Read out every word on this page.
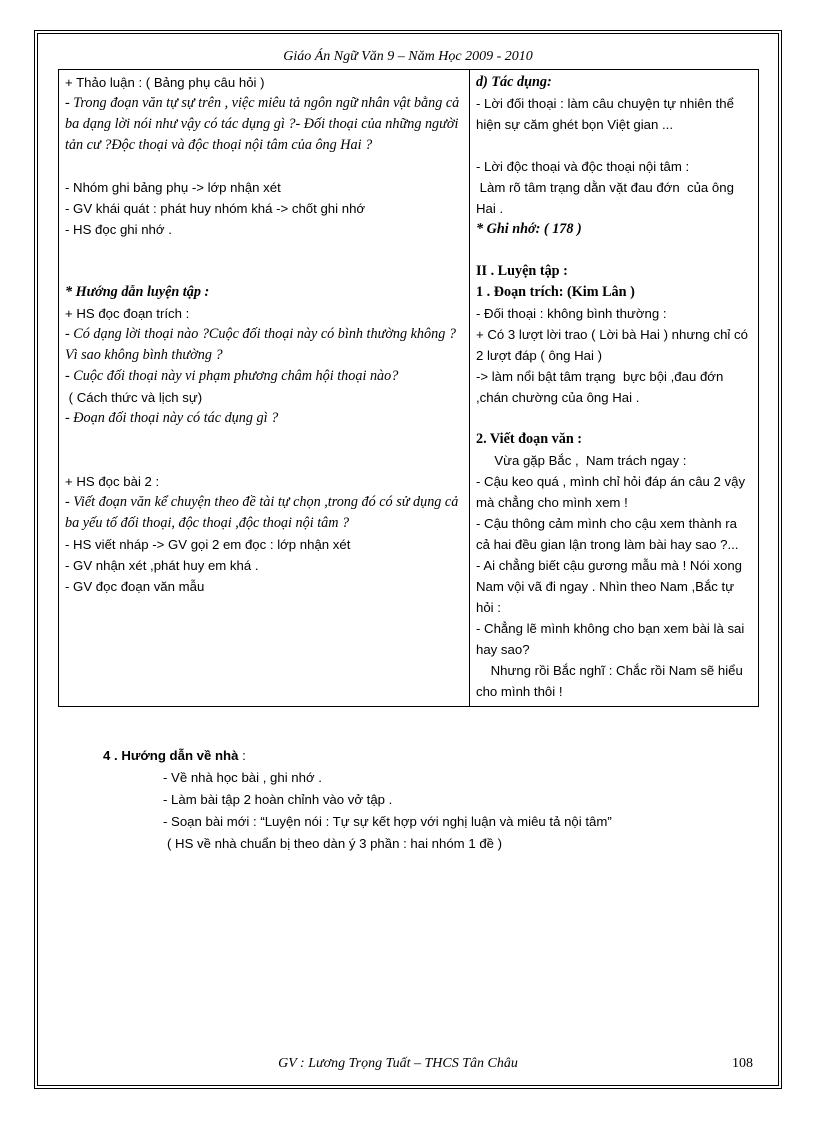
Giáo Án Ngữ Văn 9 – Năm Học 2009 - 2010
+ Thảo luận : ( Bảng phụ câu hỏi )
- Trong đoạn văn tự sự trên , việc miêu tả ngôn ngữ nhân vật bằng cả ba dạng lời nói như vậy có tác dụng gì ?- Đối thoại của những người tản cư ?Độc thoại và độc thoại nội tâm của ông Hai ?
- Nhóm ghi bảng phụ -> lớp nhận xét
- GV khái quát : phát huy nhóm khá -> chốt ghi nhớ
- HS đọc ghi nhớ .
* Hướng dẫn luyện tập :
+ HS đọc đoạn trích :
- Có dạng lời thoại nào ?Cuộc đối thoại này có bình thường không ? Vì sao không bình thường ?
- Cuộc đối thoại này vi phạm phương châm hội thoại nào?
( Cách thức và lịch sự)
- Đoạn đối thoại này có tác dụng gì ?
+ HS đọc bài 2 :
- Viết đoạn văn kể chuyện theo đề tài tự chọn ,trong đó có sử dụng cả ba yếu tố đối thoại, độc thoại ,độc thoại nội tâm ?
- HS viết nháp -> GV gọi 2 em đọc : lớp nhận xét
- GV nhận xét ,phát huy em khá .
- GV đọc đoạn văn mẫu

d) Tác dụng:
- Lời đối thoại : làm câu chuyện tự nhiên thể hiện sự căm ghét bọn Việt gian ...
- Lời độc thoại và độc thoại nội tâm :
Làm rõ tâm trạng dằn vặt đau đớn  của ông Hai .
* Ghi nhớ: ( 178 )
II . Luyện tập :
1 . Đoạn trích: (Kim Lân )
- Đối thoại : không bình thường :
+ Có 3 lượt lời trao ( Lời bà Hai ) nhưng chỉ có 2 lượt đáp ( ông Hai )
-> làm nổi bật tâm trạng  bực bội ,đau đớn ,chán chường của ông Hai .
2. Viết đoạn văn :
Vừa gặp Bắc ,  Nam trách ngay :
- Cậu keo quá , mình chỉ hỏi đáp án câu 2 vậy mà chẳng cho mình xem !
- Cậu thông cảm mình cho cậu xem thành ra cả hai đều gian lận trong làm bài hay sao ?...
- Ai chẳng biết cậu gương mẫu mà ! Nói xong Nam vội vã đi ngay . Nhìn theo Nam ,Bắc tự hỏi :
- Chẳng lẽ mình không cho bạn xem bài là sai hay sao?
Nhưng rồi Bắc nghĩ : Chắc rồi Nam sẽ hiểu cho mình thôi !
4 . Hướng dẫn về nhà :
- Về nhà học bài , ghi nhớ .
- Làm bài tập 2 hoàn chỉnh vào vở tập .
- Soạn bài mới : “Luyện nói : Tự sự kết hợp với nghị luận và miêu tả nội tâm”
( HS về nhà chuẩn bị theo dàn ý 3 phần : hai nhóm 1 đề )
GV : Lương Trọng Tuất – THCS Tân Châu	108
